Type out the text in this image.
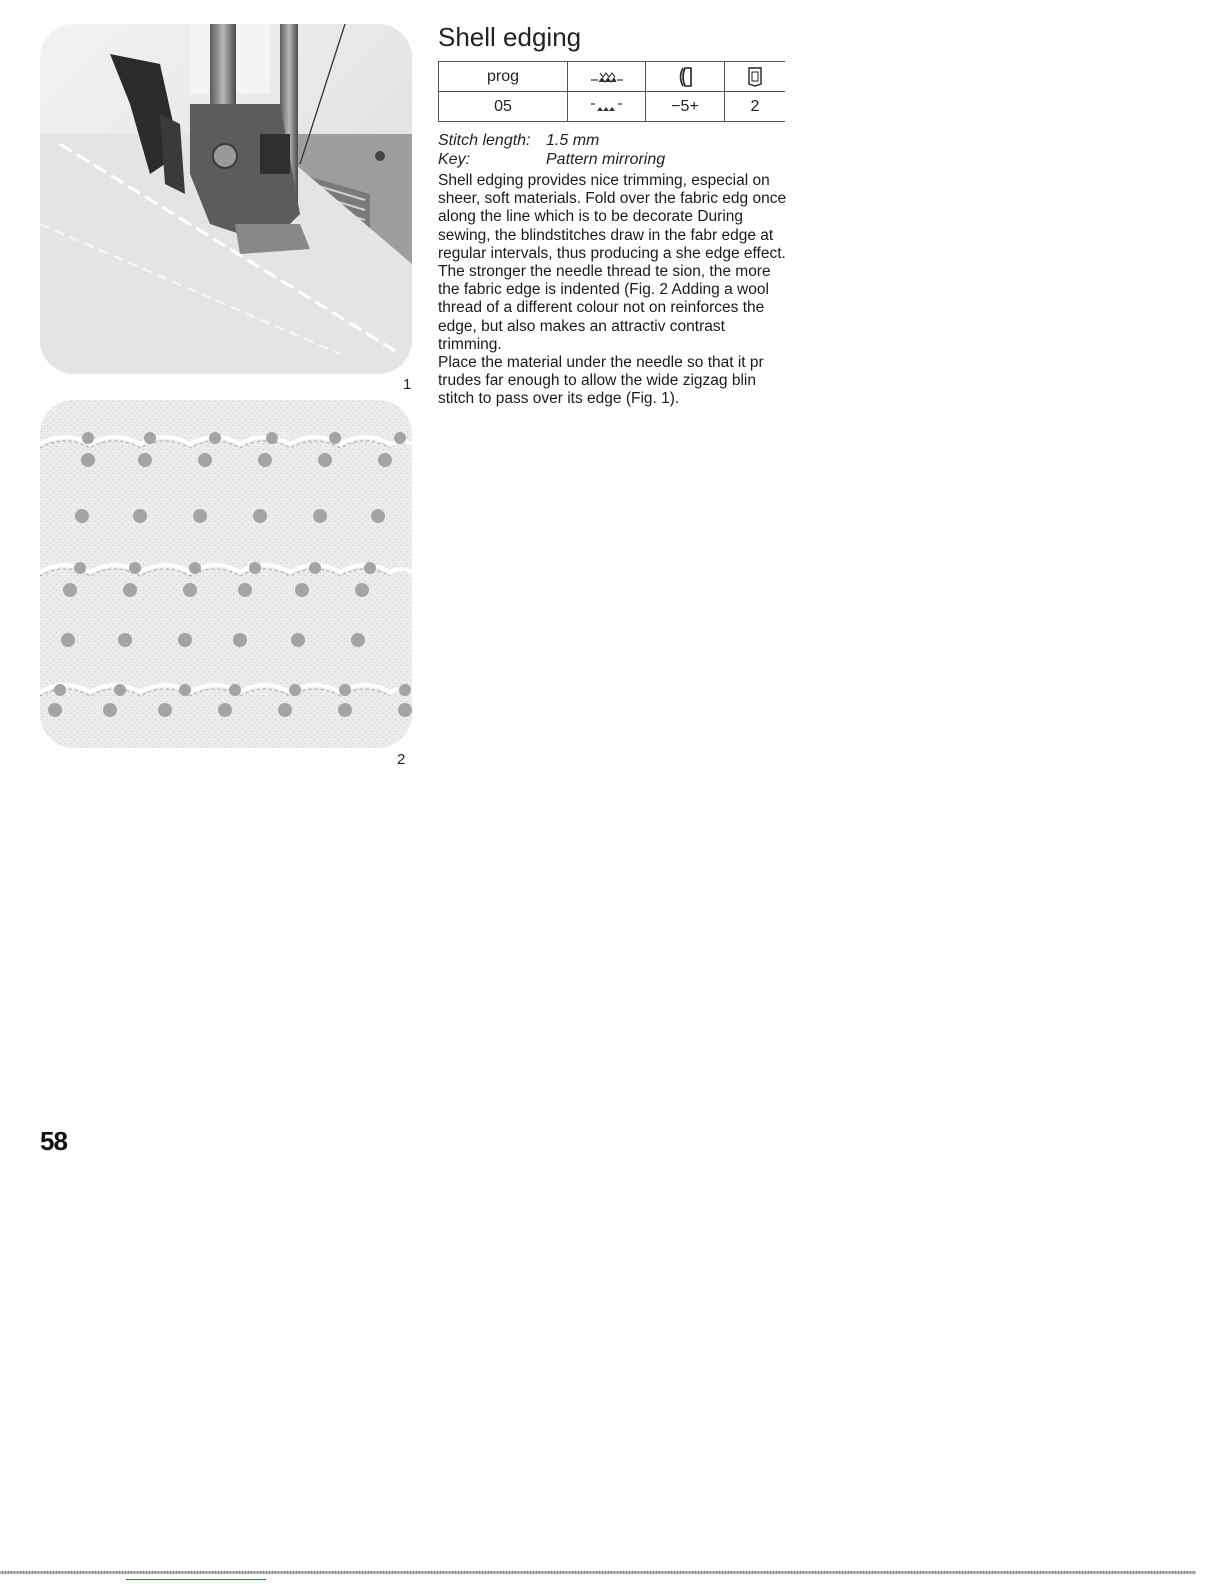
1
2
Shell edging
prog	

05		−5+	2
Stitch length: 1.5 mm
Key:	Pattern mirroring

Shell edging provides nice trimming, especial on sheer, soft materials. Fold over the fabric edg once along the line which is to be decorate During sewing, the blindstitches draw in the fabr edge at regular intervals, thus producing a she edge effect. The stronger the needle thread te sion, the more the fabric edge is indented (Fig. 2 Adding a wool thread of a different colour not on reinforces the edge, but also makes an attractiv contrast trimming.

Place the material under the needle so that it pr trudes far enough to allow the wide zigzag blin stitch to pass over its edge (Fig. 1).

58
